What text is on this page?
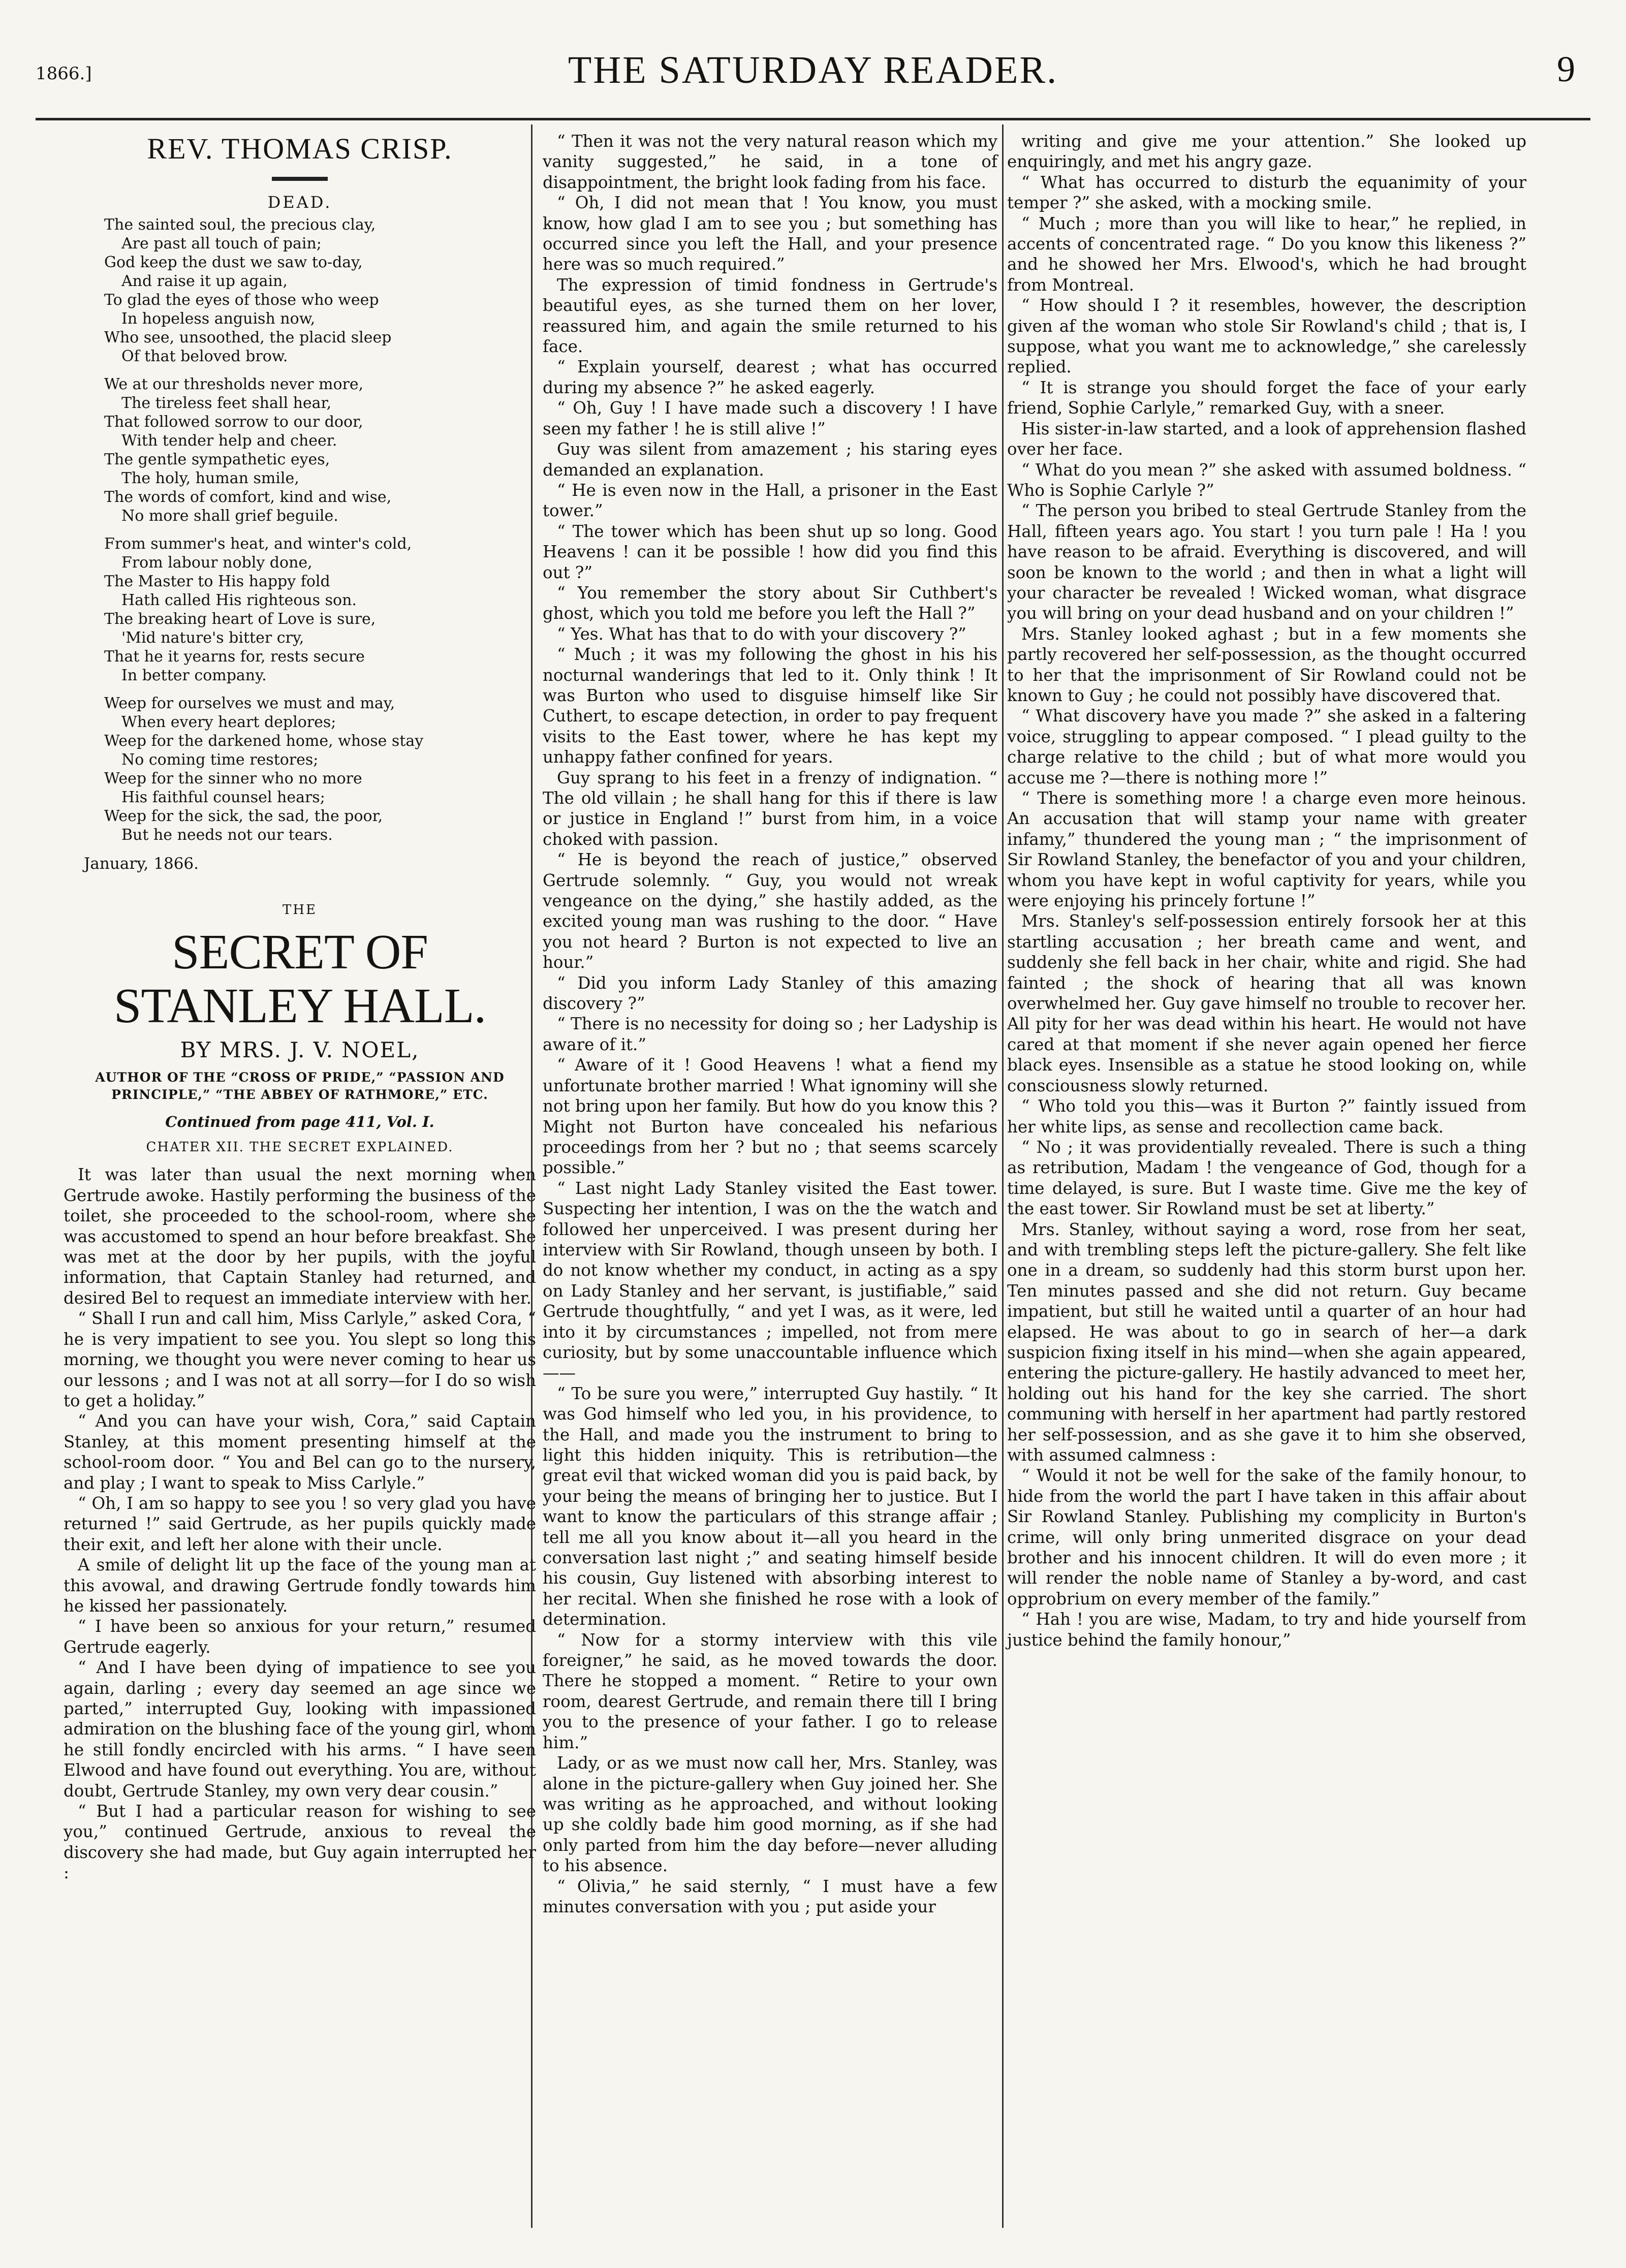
1866.]	THE SATURDAY READER.	9
REV. THOMAS CRISP.
DEAD.
The sainted soul, the precious clay,
Are past all touch of pain;
God keep the dust we saw to-day,
And raise it up again,
To glad the eyes of those who weep
In hopeless anguish now,
Who see, unsoothed, the placid sleep
Of that beloved brow.
We at our thresholds never more,
The tireless feet shall hear,
That followed sorrow to our door,
With tender help and cheer.
The gentle sympathetic eyes,
The holy, human smile,
The words of comfort, kind and wise,
No more shall grief beguile.
From summer's heat, and winter's cold,
From labour nobly done,
The Master to His happy fold
Hath called His righteous son.
The breaking heart of Love is sure,
'Mid nature's bitter cry,
That he it yearns for, rests secure
In better company.
Weep for ourselves we must and may,
When every heart deplores;
Weep for the darkened home, whose stay
No coming time restores;
Weep for the sinner who no more
His faithful counsel hears;
Weep for the sick, the sad, the poor,
But he needs not our tears.
January, 1866.
THE
SECRET OF STANLEY HALL.
BY MRS. J. V. NOEL,
AUTHOR OF THE “CROSS OF PRIDE,” “PASSION AND PRINCIPLE,” “THE ABBEY OF RATHMORE,” ETC.
Continued from page 411, Vol. I.
CHATER XII. THE SECRET EXPLAINED.

It was later than usual the next morning when Gertrude awoke. Hastily performing the business of the toilet, she proceeded to the school-room, where she was accustomed to spend an hour before breakfast. She was met at the door by her pupils, with the joyful information, that Captain Stanley had returned, and desired Bel to request an immediate interview with her.

“ Shall I run and call him, Miss Carlyle,” asked Cora, “ he is very impatient to see you. You slept so long this morning, we thought you were never coming to hear us our lessons ; and I was not at all sorry—for I do so wish to get a holiday.”

“ And you can have your wish, Cora,” said Captain Stanley, at this moment presenting himself at the school-room door. “ You and Bel can go to the nursery, and play ; I want to speak to Miss Carlyle.”

“ Oh, I am so happy to see you ! so very glad you have returned !” said Gertrude, as her pupils quickly made their exit, and left her alone with their uncle.

A smile of delight lit up the face of the young man at this avowal, and drawing Gertrude fondly towards him he kissed her passionately.

“ I have been so anxious for your return,” resumed Gertrude eagerly.

“ And I have been dying of impatience to see you again, darling ; every day seemed an age since we parted,” interrupted Guy, looking with impassioned admiration on the blushing face of the young girl, whom he still fondly encircled with his arms. “ I have seen Elwood and have found out everything. You are, without doubt, Gertrude Stanley, my own very dear cousin.”

“ But I had a particular reason for wishing to see you,” continued Gertrude, anxious to reveal the discovery she had made, but Guy again interrupted her :

“ Then it was not the very natural reason which my vanity suggested,” he said, in a tone of disappointment, the bright look fading from his face.

“ Oh, I did not mean that ! You know, you must know, how glad I am to see you ; but something has occurred since you left the Hall, and your presence here was so much required.”

The expression of timid fondness in Gertrude's beautiful eyes, as she turned them on her lover, reassured him, and again the smile returned to his face.

“ Explain yourself, dearest ; what has occurred during my absence ?” he asked eagerly.

“ Oh, Guy ! I have made such a discovery ! I have seen my father ! he is still alive !”

Guy was silent from amazement ; his staring eyes demanded an explanation.

“ He is even now in the Hall, a prisoner in the East tower.”

“ The tower which has been shut up so long. Good Heavens ! can it be possible ! how did you find this out ?”

“ You remember the story about Sir Cuthbert's ghost, which you told me before you left the Hall ?”

“ Yes. What has that to do with your discovery ?”

“ Much ; it was my following the ghost in his his nocturnal wanderings that led to it. Only think ! It was Burton who used to disguise himself like Sir Cuthert, to escape detection, in order to pay frequent visits to the East tower, where he has kept my unhappy father confined for years.

Guy sprang to his feet in a frenzy of indignation. “ The old villain ; he shall hang for this if there is law or justice in England !” burst from him, in a voice choked with passion.

“ He is beyond the reach of justice,” observed Gertrude solemnly. “ Guy, you would not wreak vengeance on the dying,” she hastily added, as the excited young man was rushing to the door. “ Have you not heard ? Burton is not expected to live an hour.”

“ Did you inform Lady Stanley of this amazing discovery ?”

“ There is no necessity for doing so ; her Ladyship is aware of it.”

“ Aware of it ! Good Heavens ! what a fiend my unfortunate brother married ! What ignominy will she not bring upon her family. But how do you know this ? Might not Burton have concealed his nefarious proceedings from her ? but no ; that seems scarcely possible.”

“ Last night Lady Stanley visited the East tower. Suspecting her intention, I was on the the watch and followed her unperceived. I was present during her interview with Sir Rowland, though unseen by both. I do not know whether my conduct, in acting as a spy on Lady Stanley and her servant, is justifiable,” said Gertrude thoughtfully, “ and yet I was, as it were, led into it by circumstances ; impelled, not from mere curiosity, but by some unaccountable influence which——

“ To be sure you were,” interrupted Guy hastily. “ It was God himself who led you, in his providence, to the Hall, and made you the instrument to bring to light this hidden iniquity. This is retribution—the great evil that wicked woman did you is paid back, by your being the means of bringing her to justice. But I want to know the particulars of this strange affair ; tell me all you know about it—all you heard in the conversation last night ;” and seating himself beside his cousin, Guy listened with absorbing interest to her recital. When she finished he rose with a look of determination.

“ Now for a stormy interview with this vile foreigner,” he said, as he moved towards the door. There he stopped a moment. “ Retire to your own room, dearest Gertrude, and remain there till I bring you to the presence of your father. I go to release him.”

Lady, or as we must now call her, Mrs. Stanley, was alone in the picture-gallery when Guy joined her. She was writing as he approached, and without looking up she coldly bade him good morning, as if she had only parted from him the day before—never alluding to his absence.

“ Olivia,” he said sternly, “ I must have a few minutes conversation with you ; put aside your

writing and give me your attention.” She looked up enquiringly, and met his angry gaze.

“ What has occurred to disturb the equanimity of your temper ?” she asked, with a mocking smile.

“ Much ; more than you will like to hear,” he replied, in accents of concentrated rage. “ Do you know this likeness ?” and he showed her Mrs. Elwood's, which he had brought from Montreal.

“ How should I ? it resembles, however, the description given af the woman who stole Sir Rowland's child ; that is, I suppose, what you want me to acknowledge,” she carelessly replied.

“ It is strange you should forget the face of your early friend, Sophie Carlyle,” remarked Guy, with a sneer.

His sister-in-law started, and a look of apprehension flashed over her face.

“ What do you mean ?” she asked with assumed boldness. “ Who is Sophie Carlyle ?”

“ The person you bribed to steal Gertrude Stanley from the Hall, fifteen years ago. You start ! you turn pale ! Ha ! you have reason to be afraid. Everything is discovered, and will soon be known to the world ; and then in what a light will your character be revealed ! Wicked woman, what disgrace you will bring on your dead husband and on your children !”

Mrs. Stanley looked aghast ; but in a few moments she partly recovered her self-possession, as the thought occurred to her that the imprisonment of Sir Rowland could not be known to Guy ; he could not possibly have discovered that.

“ What discovery have you made ?” she asked in a faltering voice, struggling to appear composed. “ I plead guilty to the charge relative to the child ; but of what more would you accuse me ?—there is nothing more !”

“ There is something more ! a charge even more heinous. An accusation that will stamp your name with greater infamy,” thundered the young man ; “ the imprisonment of Sir Rowland Stanley, the benefactor of you and your children, whom you have kept in woful captivity for years, while you were enjoying his princely fortune !”

Mrs. Stanley's self-possession entirely forsook her at this startling accusation ; her breath came and went, and suddenly she fell back in her chair, white and rigid. She had fainted ; the shock of hearing that all was known overwhelmed her. Guy gave himself no trouble to recover her. All pity for her was dead within his heart. He would not have cared at that moment if she never again opened her fierce black eyes. Insensible as a statue he stood looking on, while consciousness slowly returned.

“ Who told you this—was it Burton ?” faintly issued from her white lips, as sense and recollection came back.

“ No ; it was providentially revealed. There is such a thing as retribution, Madam ! the vengeance of God, though for a time delayed, is sure. But I waste time. Give me the key of the east tower. Sir Rowland must be set at liberty.”

Mrs. Stanley, without saying a word, rose from her seat, and with trembling steps left the picture-gallery. She felt like one in a dream, so suddenly had this storm burst upon her. Ten minutes passed and she did not return. Guy became impatient, but still he waited until a quarter of an hour had elapsed. He was about to go in search of her—a dark suspicion fixing itself in his mind—when she again appeared, entering the picture-gallery. He hastily advanced to meet her, holding out his hand for the key she carried. The short communing with herself in her apartment had partly restored her self-possession, and as she gave it to him she observed, with assumed calmness :

“ Would it not be well for the sake of the family honour, to hide from the world the part I have taken in this affair about Sir Rowland Stanley. Publishing my complicity in Burton's crime, will only bring unmerited disgrace on your dead brother and his innocent children. It will do even more ; it will render the noble name of Stanley a by-word, and cast opprobrium on every member of the family.”

“ Hah ! you are wise, Madam, to try and hide yourself from justice behind the family honour,”
